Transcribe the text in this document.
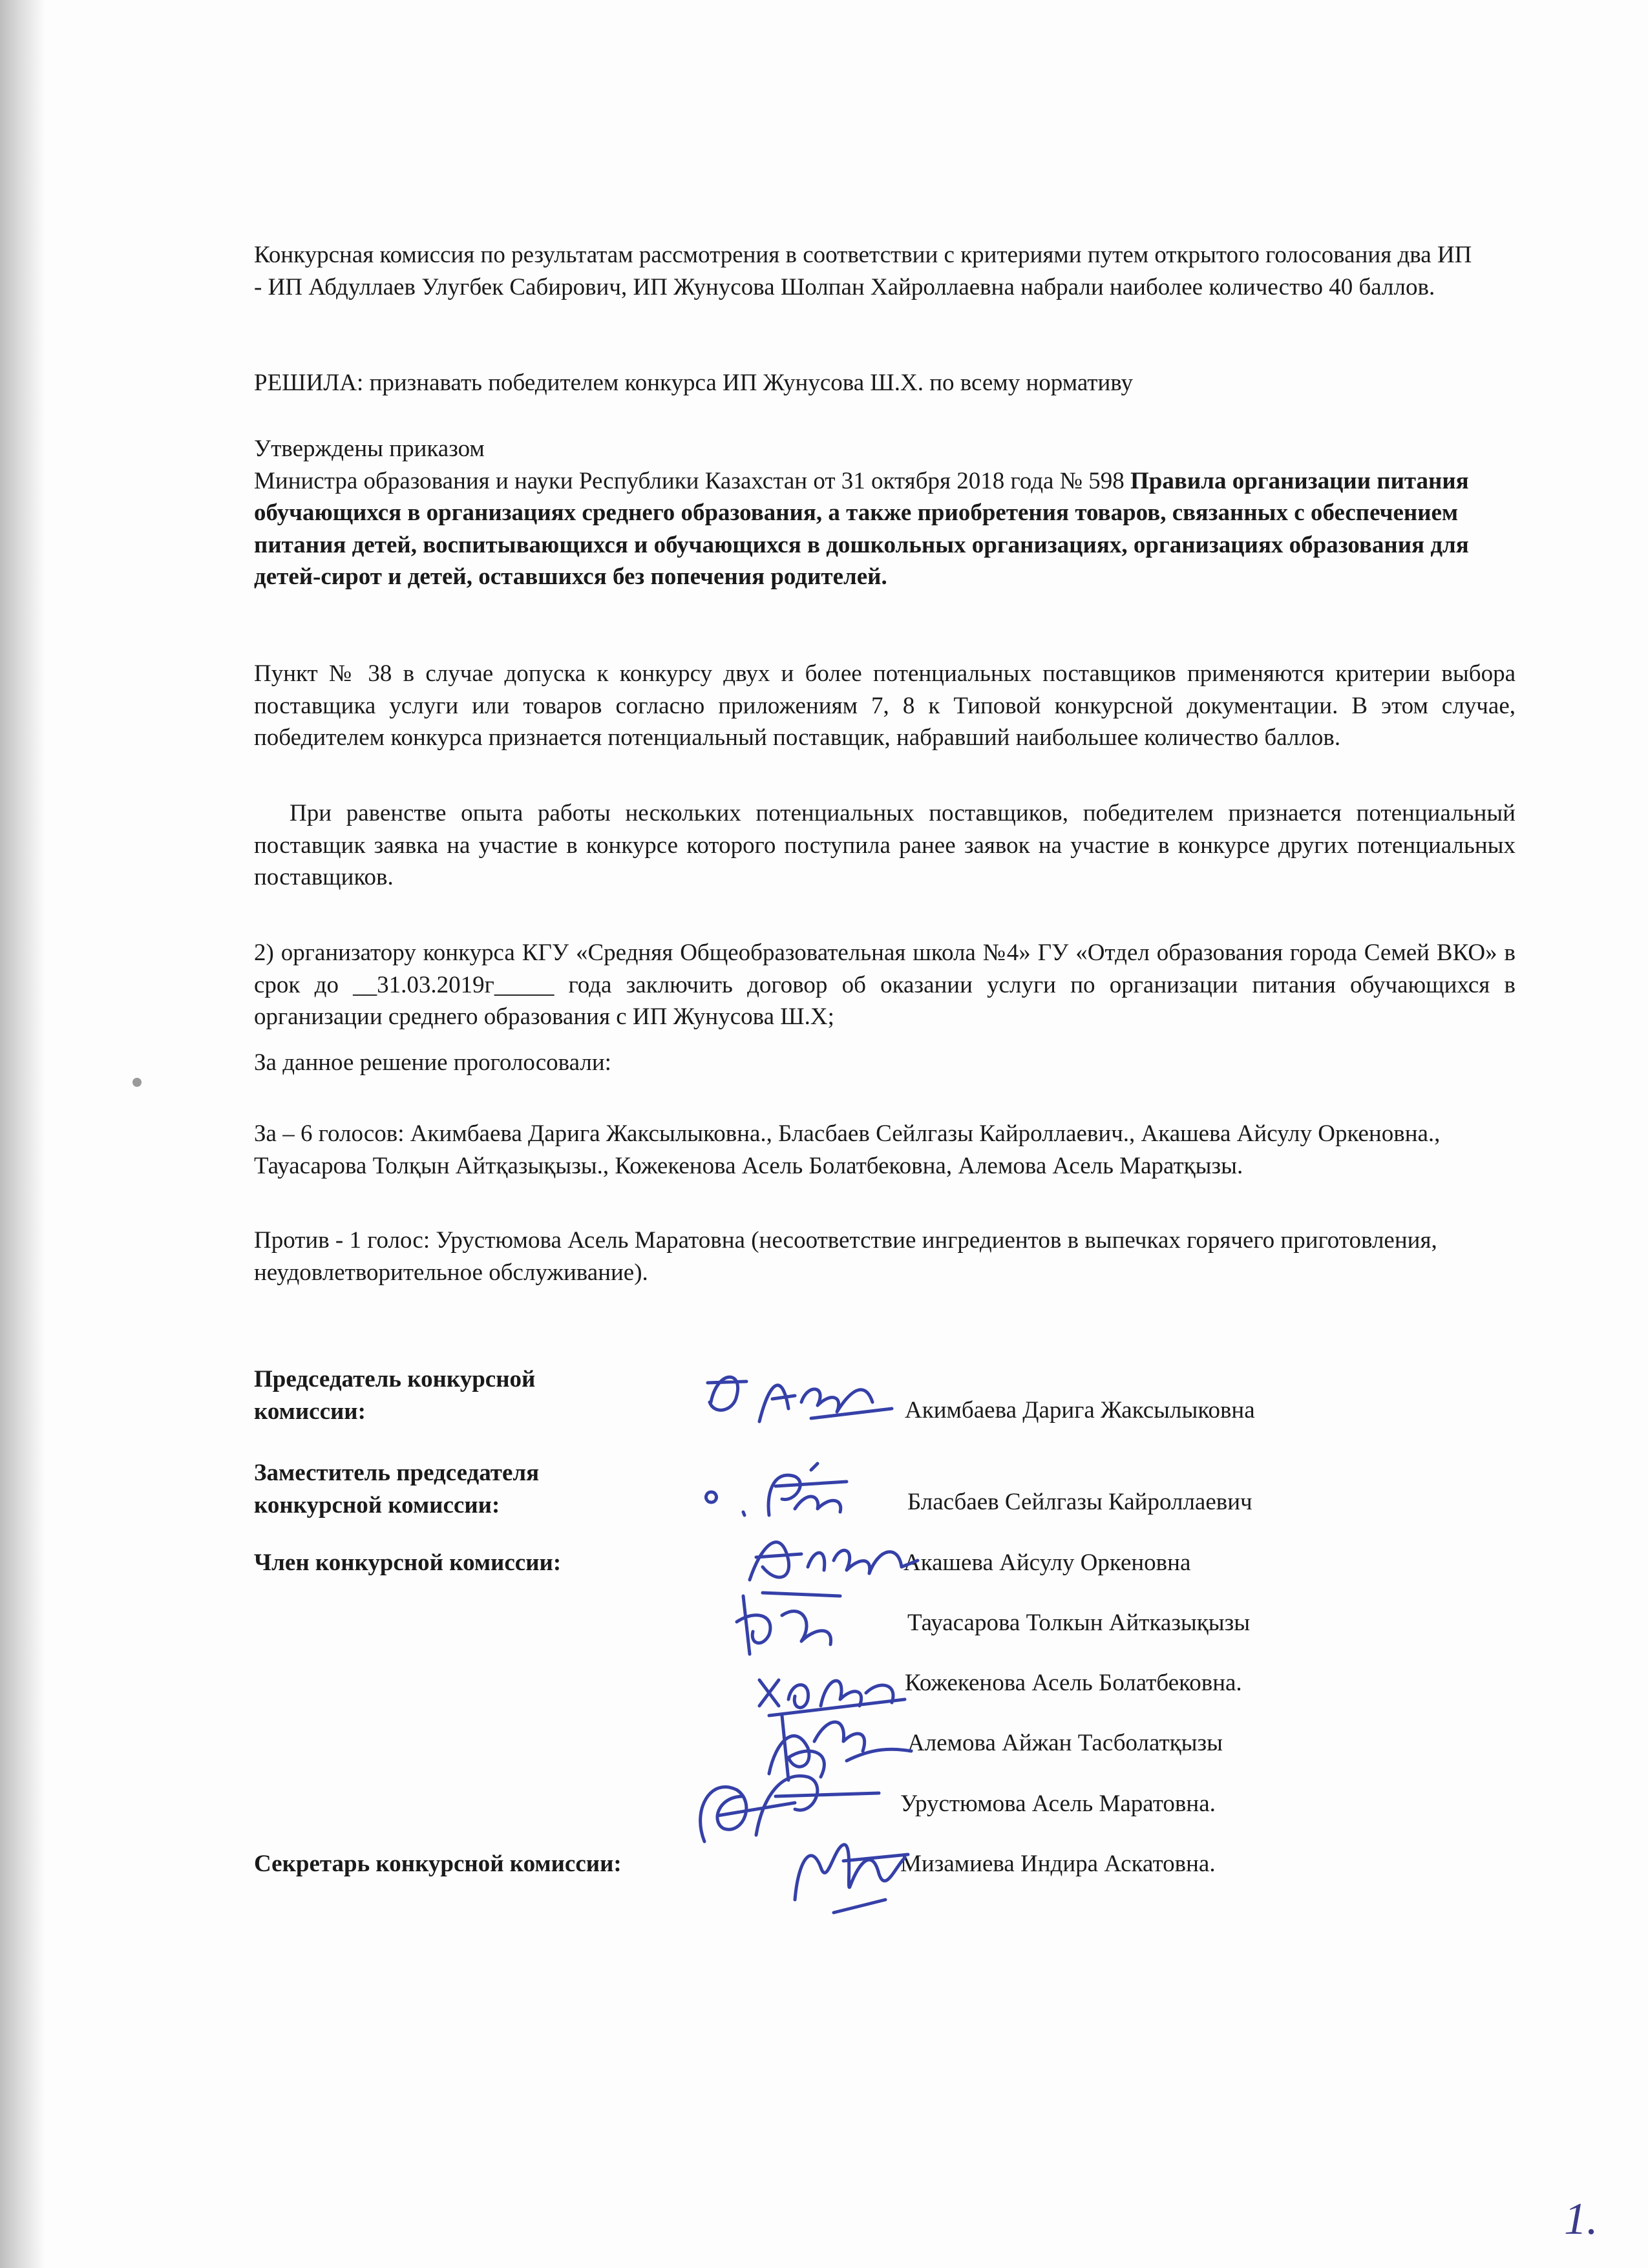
Конкурсная комиссия по результатам рассмотрения в соответствии с критериями путем открытого голосования два ИП - ИП Абдуллаев Улугбек Сабирович, ИП Жунусова Шолпан Хайроллаевна набрали наиболее количество 40 баллов.

РЕШИЛА: признавать победителем конкурса ИП Жунусова Ш.Х. по всему нормативу

Утверждены приказом
Министра образования и науки Республики Казахстан от 31 октября 2018 года № 598 Правила организации питания обучающихся в организациях среднего образования, а также приобретения товаров, связанных с обеспечением питания детей, воспитывающихся и обучающихся в дошкольных организациях, организациях образования для детей-сирот и детей, оставшихся без попечения родителей.

Пункт № 38 в случае допуска к конкурсу двух и более потенциальных поставщиков применяются критерии выбора поставщика услуги или товаров согласно приложениям 7, 8 к Типовой конкурсной документации. В этом случае, победителем конкурса признается потенциальный поставщик, набравший наибольшее количество баллов.

При равенстве опыта работы нескольких потенциальных поставщиков, победителем признается потенциальный поставщик заявка на участие в конкурсе которого поступила ранее заявок на участие в конкурсе других потенциальных поставщиков.

2) организатору конкурса КГУ «Средняя Общеобразовательная школа №4» ГУ «Отдел образования города Семей ВКО» в срок до __31.03.2019г_____ года заключить договор об оказании услуги по организации питания обучающихся в организации среднего образования с ИП Жунусова Ш.Х;

За данное решение проголосовали:

За – 6 голосов: Акимбаева Дарига Жаксылыковна., Бласбаев Сейлгазы Кайроллаевич., Акашева Айсулу Оркеновна., Тауасарова Толқын Айтқазықызы., Кожекенова Асель Болатбековна, Алемова Асель Маратқызы.

Против - 1 голос: Урустюмова Асель Маратовна (несоответствие ингредиентов в выпечках горячего приготовления, неудовлетворительное обслуживание).

Председатель конкурсной
комиссии:	Акимбаева Дарига Жаксылыковна
Заместитель председателя
конкурсной комиссии:	Бласбаев Сейлгазы Кайроллаевич
Член конкурсной комиссии:	Акашева Айсулу Оркеновна
Тауасарова Толкын Айтказықызы
Кожекенова Асель Болатбековна.
Алемова Айжан Тасболатқызы
Урустюмова Асель Маратовна.
Секретарь конкурсной комиссии:	Мизамиева Индира Аскатовна.
1.
